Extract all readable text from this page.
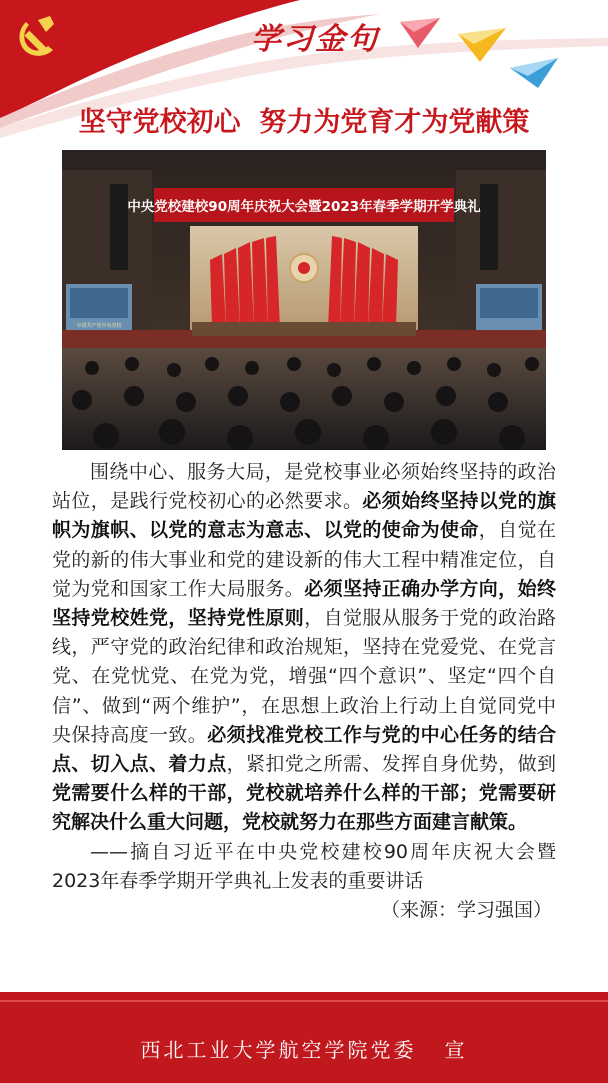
学习金句
坚守党校初心  努力为党育才为党献策
中央党校建校90周年庆祝大会暨2023年春季学期开学典礼
中国共产党中央党校

围绕中心、服务大局，是党校事业必须始终坚持的政治站位，是践行党校初心的必然要求。必须始终坚持以党的旗帜为旗帜、以党的意志为意志、以党的使命为使命，自觉在党的新的伟大事业和党的建设新的伟大工程中精准定位，自觉为党和国家工作大局服务。必须坚持正确办学方向，始终坚持党校姓党，坚持党性原则，自觉服从服务于党的政治路线，严守党的政治纪律和政治规矩，坚持在党爱党、在党言党、在党忧党、在党为党，增强“四个意识”、坚定“四个自信”、做到“两个维护”，在思想上政治上行动上自觉同党中央保持高度一致。必须找准党校工作与党的中心任务的结合点、切入点、着力点，紧扣党之所需、发挥自身优势，做到党需要什么样的干部，党校就培养什么样的干部；党需要研究解决什么重大问题，党校就努力在那些方面建言献策。

——摘自习近平在中央党校建校90周年庆祝大会暨2023年春季学期开学典礼上发表的重要讲话

（来源：学习强国）

西北工业大学航空学院党委   宣
